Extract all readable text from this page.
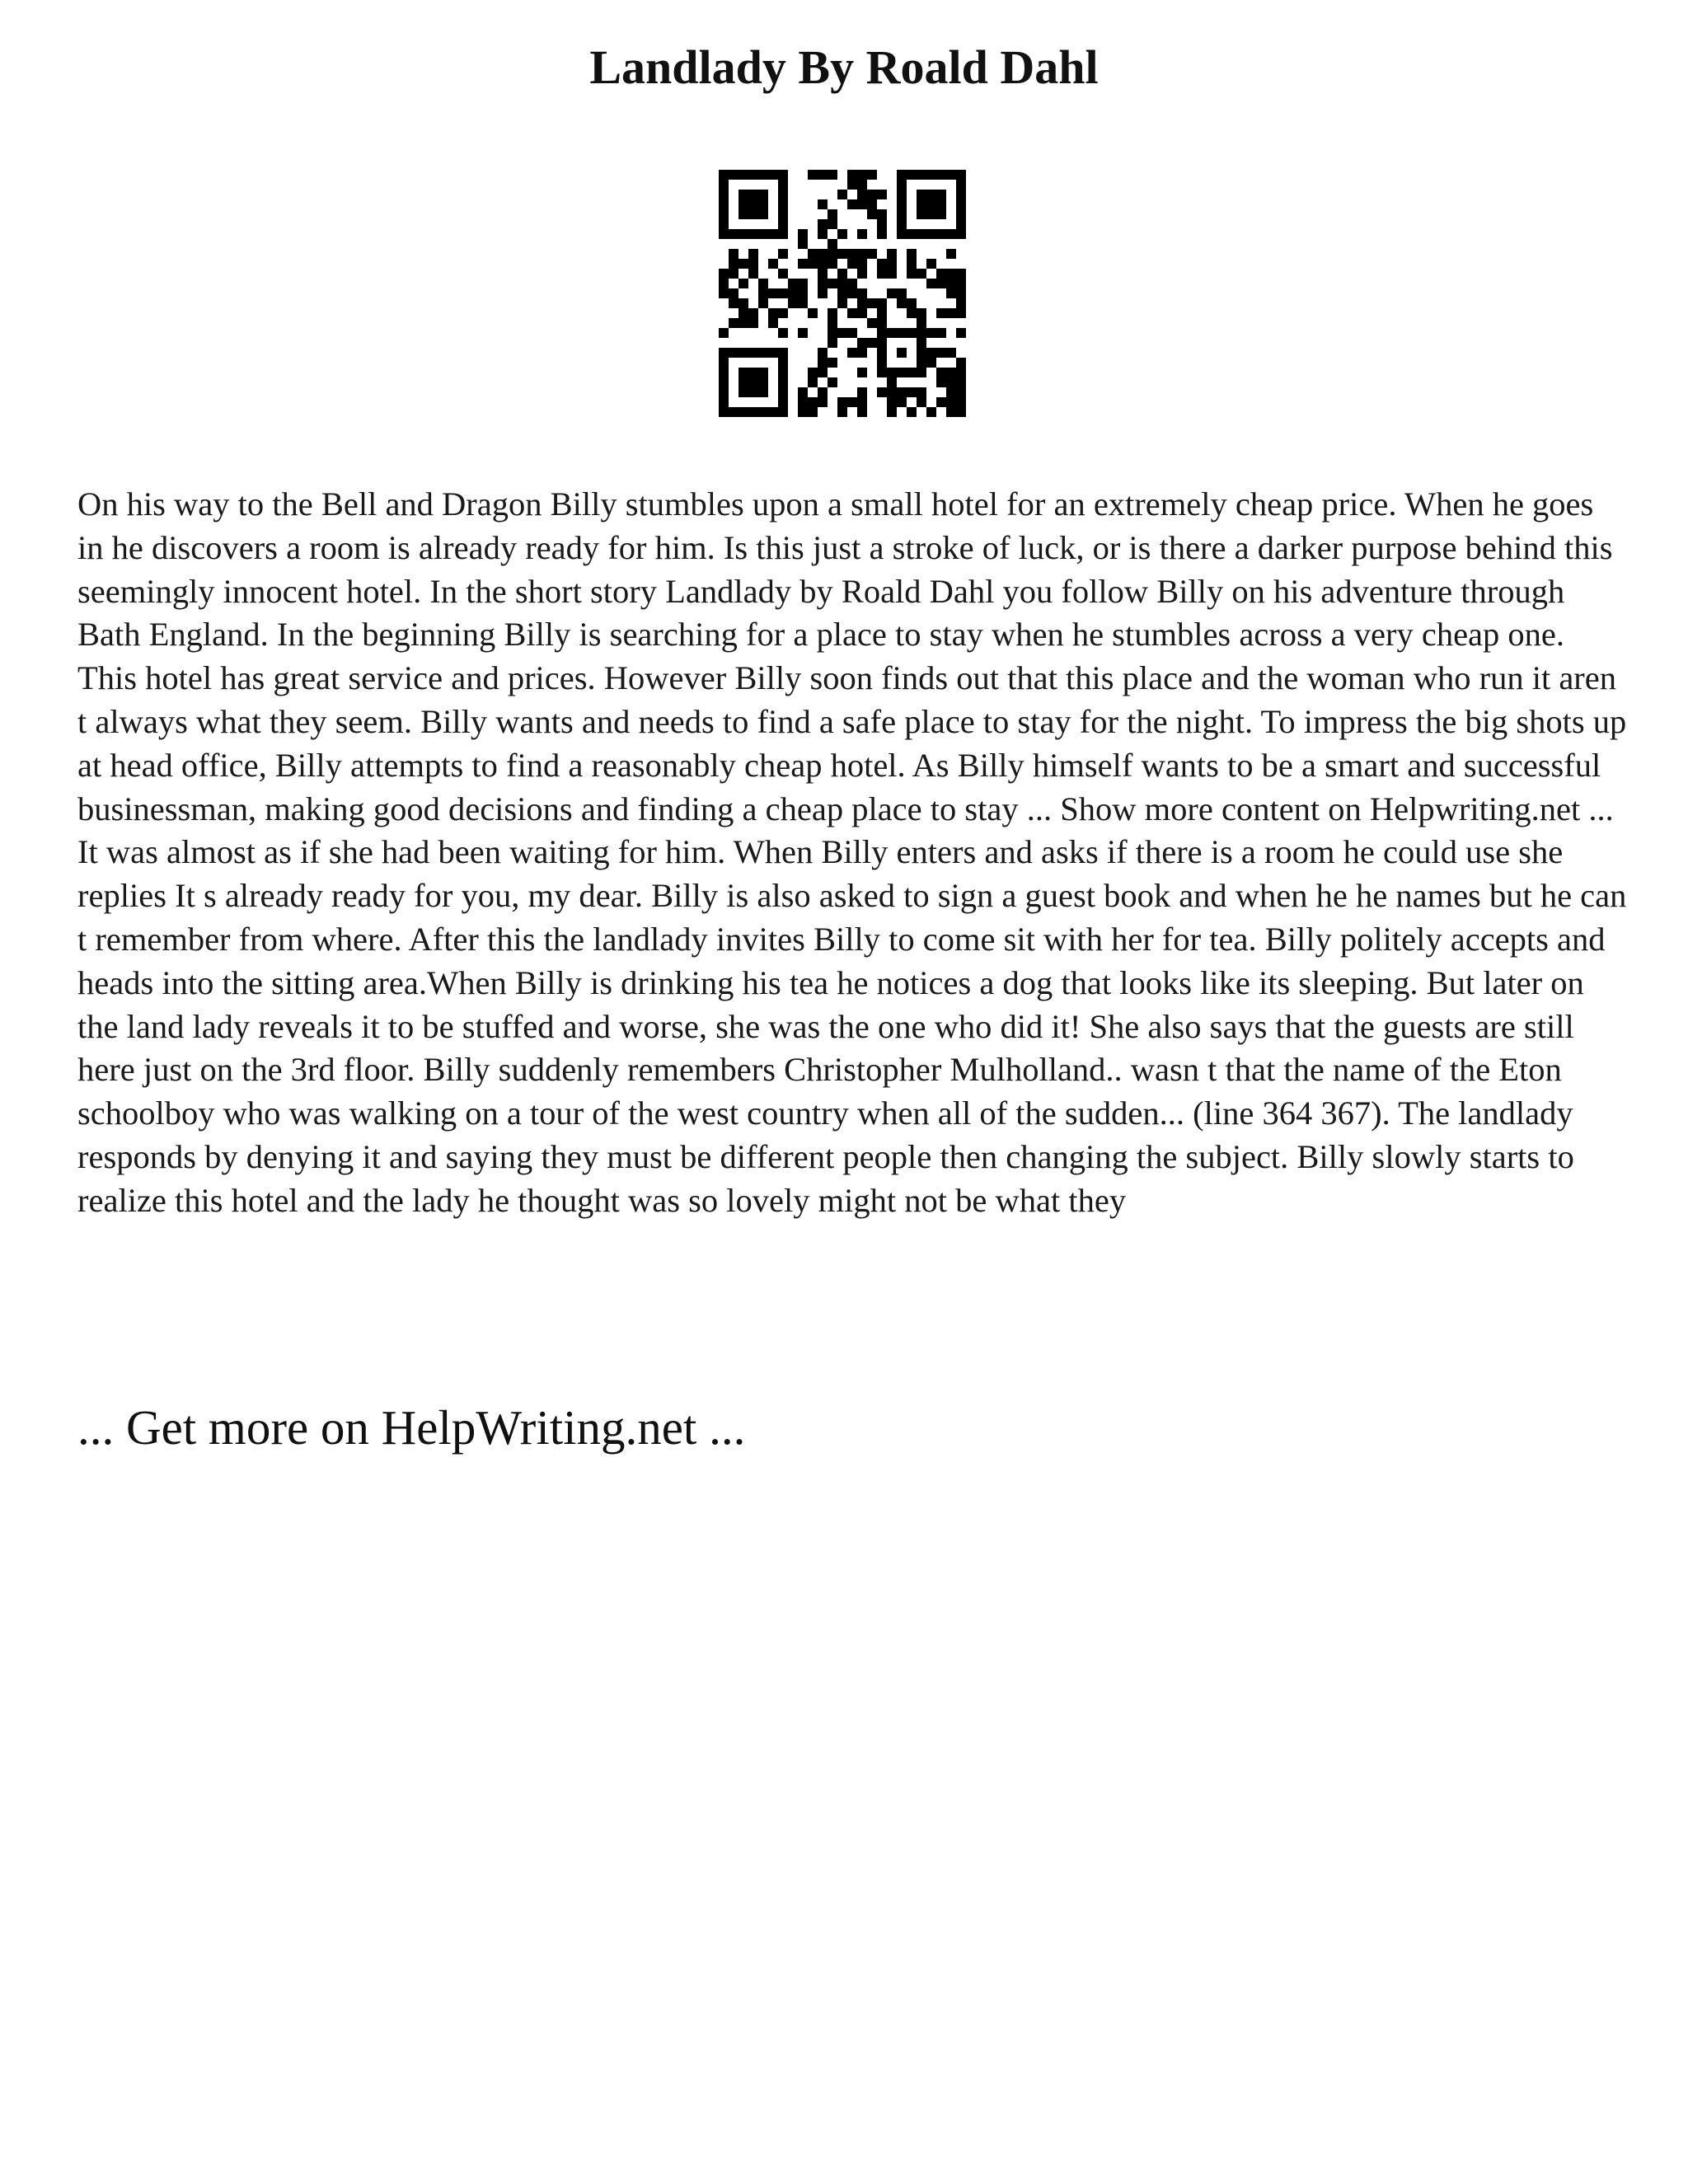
Landlady By Roald Dahl

On his way to the Bell and Dragon Billy stumbles upon a small hotel for an extremely cheap price. When he goes in he discovers a room is already ready for him. Is this just a stroke of luck, or is there a darker purpose behind this seemingly innocent hotel. In the short story Landlady by Roald Dahl you follow Billy on his adventure through Bath England. In the beginning Billy is searching for a place to stay when he stumbles across a very cheap one. This hotel has great service and prices. However Billy soon finds out that this place and the woman who run it aren t always what they seem. Billy wants and needs to find a safe place to stay for the night. To impress the big shots up at head office, Billy attempts to find a reasonably cheap hotel. As Billy himself wants to be a smart and successful businessman, making good decisions and finding a cheap place to stay ... Show more content on Helpwriting.net ...

It was almost as if she had been waiting for him. When Billy enters and asks if there is a room he could use she replies It s already ready for you, my dear. Billy is also asked to sign a guest book and when he he names but he can t remember from where. After this the landlady invites Billy to come sit with her for tea. Billy politely accepts and heads into the sitting area.When Billy is drinking his tea he notices a dog that looks like its sleeping. But later on the land lady reveals it to be stuffed and worse, she was the one who did it! She also says that the guests are still here just on the 3rd floor. Billy suddenly remembers Christopher Mulholland.. wasn t that the name of the Eton schoolboy who was walking on a tour of the west country when all of the sudden... (line 364 367). The landlady responds by denying it and saying they must be different people then changing the subject. Billy slowly starts to realize this hotel and the lady he thought was so lovely might not be what they

... Get more on HelpWriting.net ...
